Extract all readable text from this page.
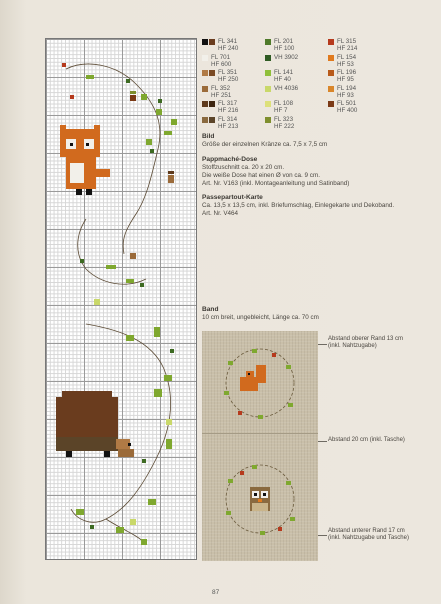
FL 341
HF 240
FL 201
HF 100
FL 315
HF 214
FL 701
HF 600
VH 3902	FL 154
HF 53
FL 351
HF 250
FL 141
HF 40
FL 196
HF 95
FL 352
HF 251
VH 4036	FL 194
HF 93
FL 317
HF 216
FL 108
HF 7
FL 501
HF 400
FL 314
HF 213
FL 323
HF 222
Bild

Größe der einzelnen Kränze ca. 7,5 x 7,5 cm

Pappmaché-Dose

Stoffzuschnitt ca. 20 x 20 cm.

Die weiße Dose hat einen Ø von ca. 9 cm.

Art. Nr. V163 (inkl. Montageanleitung und Satinband)

Passepartout-Karte

Ca. 13,5 x 13,5 cm, inkl. Briefumschlag, Einlegekarte und Dekoband.

Art. Nr. V464

Band

10 cm breit, ungebleicht, Länge ca. 70 cm

Abstand oberer Rand 13 cm
(inkl. Nahtzugabe)
Abstand 20 cm (inkl. Tasche)
Abstand unterer Rand 17 cm
(inkl. Nahtzugabe und Tasche)
87
